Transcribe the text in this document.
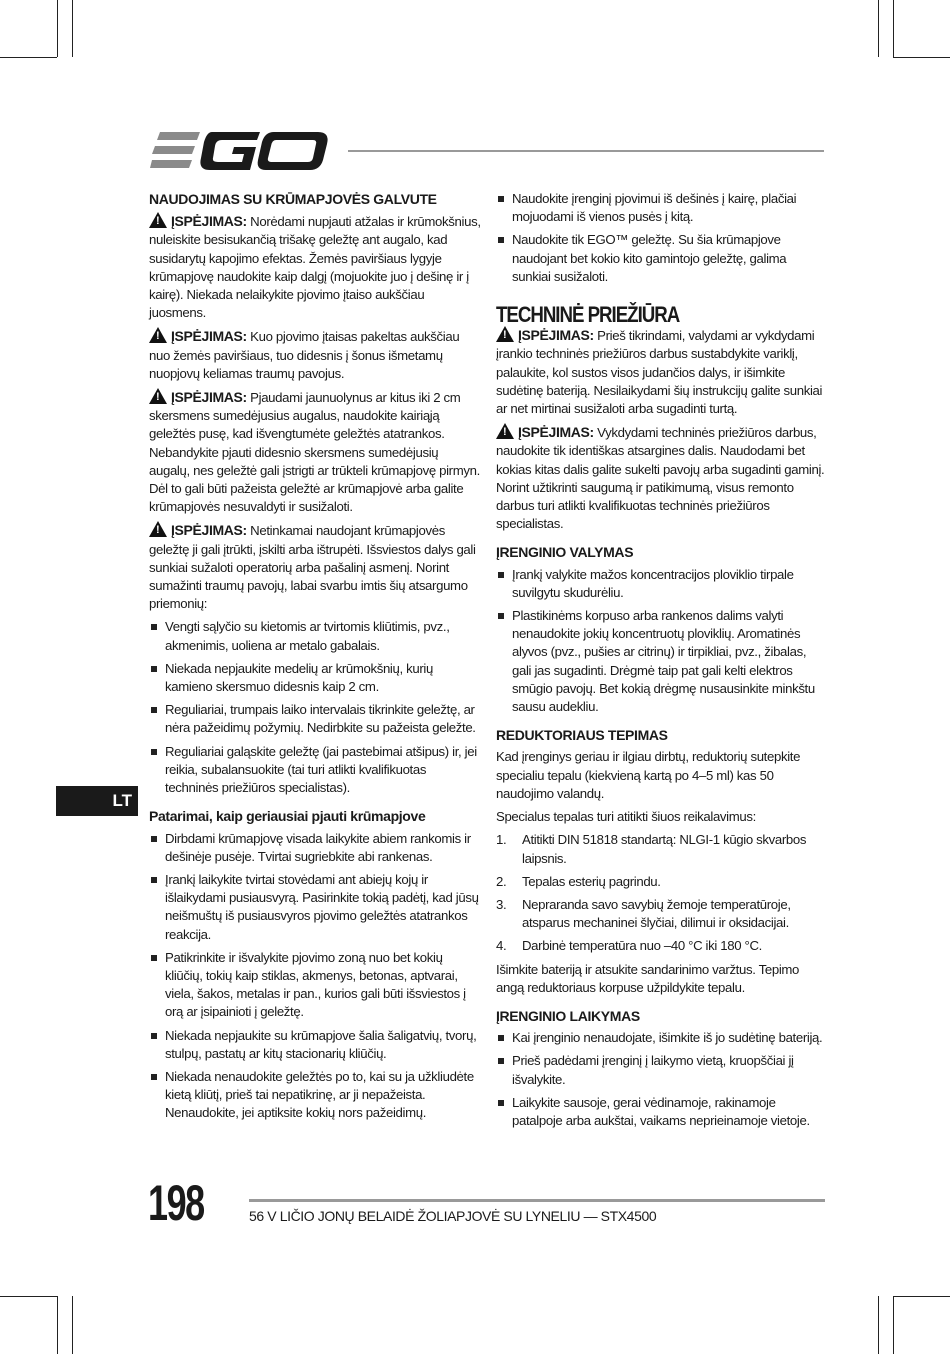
NAUDOJIMAS SU KRŪMAPJOVĖS GALVUTE
!ĮSPĖJIMAS: Norėdami nupjauti atžalas ir krūmokšnius, nuleiskite besisukančią trišakę geležtę ant augalo, kad susidarytų kapojimo efektas. Žemės paviršiaus lygyje krūmapjovę naudokite kaip dalgį (mojuokite juo į dešinę ir į kairę). Niekada nelaikykite pjovimo įtaiso aukščiau juosmens.
!ĮSPĖJIMAS: Kuo pjovimo įtaisas pakeltas aukščiau nuo žemės paviršiaus, tuo didesnis į šonus išmetamų nuopjovų keliamas traumų pavojus.
!ĮSPĖJIMAS: Pjaudami jaunuolynus ar kitus iki 2 cm skersmens sumedėjusius augalus, naudokite kairiąją geležtės pusę, kad išvengtumėte geležtės atatrankos. Nebandykite pjauti didesnio skersmens sumedėjusių augalų, nes geležtė gali įstrigti ar trūkteli krūmapjovę pirmyn. Dėl to gali būti pažeista geležtė ar krūmapjovė arba galite krūmapjovės nesuvaldyti ir susižaloti.
!ĮSPĖJIMAS: Netinkamai naudojant krūmapjovės geležtę ji gali įtrūkti, įskilti arba ištrupėti. Išsviestos dalys gali sunkiai sužaloti operatorių arba pašalinį asmenį. Norint sumažinti traumų pavojų, labai svarbu imtis šių atsargumo priemonių:
Vengti sąlyčio su kietomis ar tvirtomis kliūtimis, pvz., akmenimis, uoliena ar metalo gabalais.
Niekada nepjaukite medelių ar krūmokšnių, kurių kamieno skersmuo didesnis kaip 2 cm.
Reguliariai, trumpais laiko intervalais tikrinkite geležtę, ar nėra pažeidimų požymių. Nedirbkite su pažeista geležte.
Reguliariai galąskite geležtę (jai pastebimai atšipus) ir, jei reikia, subalansuokite (tai turi atlikti kvalifikuotas techninės priežiūros specialistas).
Patarimai, kaip geriausiai pjauti krūmapjove
Dirbdami krūmapjovę visada laikykite abiem rankomis ir dešinėje pusėje. Tvirtai sugriebkite abi rankenas.
Įrankį laikykite tvirtai stovėdami ant abiejų kojų ir išlaikydami pusiausvyrą. Pasirinkite tokią padėtį, kad jūsų neišmuštų iš pusiausvyros pjovimo geležtės atatrankos reakcija.
Patikrinkite ir išvalykite pjovimo zoną nuo bet kokių kliūčių, tokių kaip stiklas, akmenys, betonas, aptvarai, viela, šakos, metalas ir pan., kurios gali būti išsviestos į orą ar įsipainioti į geležtę.
Niekada nepjaukite su krūmapjove šalia šaligatvių, tvorų, stulpų, pastatų ar kitų stacionarių kliūčių.
Niekada nenaudokite geležtės po to, kai su ja užkliudėte kietą kliūtį, prieš tai nepatikrinę, ar ji nepažeista. Nenaudokite, jei aptiksite kokių nors pažeidimų.
Naudokite įrenginį pjovimui iš dešinės į kairę, plačiai mojuodami iš vienos pusės į kitą.
Naudokite tik EGO™ geležtę. Su šia krūmapjove naudojant bet kokio kito gamintojo geležtę, galima sunkiai susižaloti.
TECHNINĖ PRIEŽIŪRA
!ĮSPĖJIMAS: Prieš tikrindami, valydami ar vykdydami įrankio techninės priežiūros darbus sustabdykite variklį, palaukite, kol sustos visos judančios dalys, ir išimkite sudėtinę bateriją. Nesilaikydami šių instrukcijų galite sunkiai ar net mirtinai susižaloti arba sugadinti turtą.
!ĮSPĖJIMAS: Vykdydami techninės priežiūros darbus, naudokite tik identiškas atsargines dalis. Naudodami bet kokias kitas dalis galite sukelti pavojų arba sugadinti gaminį. Norint užtikrinti saugumą ir patikimumą, visus remonto darbus turi atlikti kvalifikuotas techninės priežiūros specialistas.
ĮRENGINIO VALYMAS
Įrankį valykite mažos koncentracijos ploviklio tirpale suvilgytu skudurėliu.
Plastikinėms korpuso arba rankenos dalims valyti nenaudokite jokių koncentruotų ploviklių. Aromatinės alyvos (pvz., pušies ar citrinų) ir tirpikliai, pvz., žibalas, gali jas sugadinti. Drėgmė taip pat gali kelti elektros smūgio pavojų. Bet kokią drėgmę nusausinkite minkštu sausu audekliu.
REDUKTORIAUS TEPIMAS
Kad įrenginys geriau ir ilgiau dirbtų, reduktorių sutepkite specialiu tepalu (kiekvieną kartą po 4–5 ml) kas 50 naudojimo valandų.
Specialus tepalas turi atitikti šiuos reikalavimus:
1. Atitikti DIN 51818 standartą: NLGI-1 kūgio skvarbos laipsnis.
2. Tepalas esterių pagrindu.
3. Nepraranda savo savybių žemoje temperatūroje, atsparus mechaninei šlyčiai, dilimui ir oksidacijai.
4. Darbinė temperatūra nuo –40 °C iki 180 °C.
Išimkite bateriją ir atsukite sandarinimo varžtus. Tepimo angą reduktoriaus korpuse užpildykite tepalu.
ĮRENGINIO LAIKYMAS
Kai įrenginio nenaudojate, išimkite iš jo sudėtinę bateriją.
Prieš padėdami įrenginį į laikymo vietą, kruopščiai jį išvalykite.
Laikykite sausoje, gerai vėdinamoje, rakinamoje patalpoje arba aukštai, vaikams neprieinamoje vietoje.
LT
198	56 V LIČIO JONŲ BELAIDĖ ŽOLIAPJOVĖ SU LYNELIU — STX4500
